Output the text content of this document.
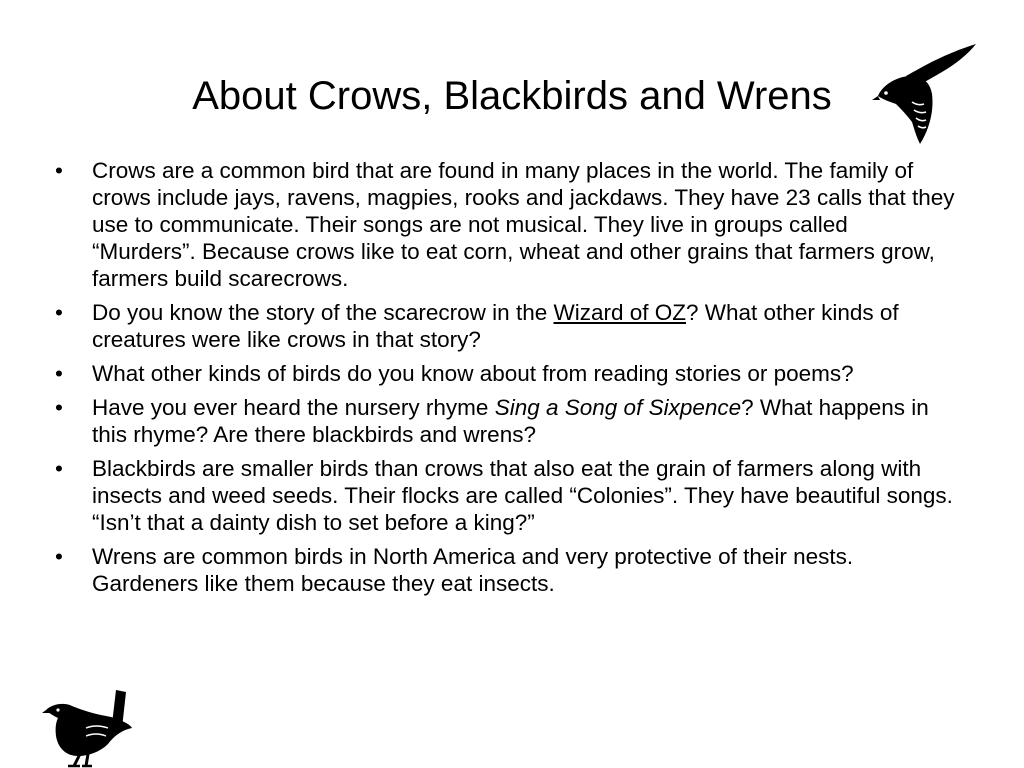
About Crows, Blackbirds and Wrens
•	Crows are a common bird that are found in many places in the world. The family of crows include jays, ravens, magpies, rooks and jackdaws. They have 23 calls that they use to communicate. Their songs are not musical. They live in groups called “Murders”. Because crows like to eat corn, wheat and other grains that farmers grow, farmers build scarecrows.
•	Do you know the story of the scarecrow in the Wizard of OZ? What other kinds of creatures were like crows in that story?
•	What other kinds of birds do you know about from reading stories or poems?
•	Have you ever heard the nursery rhyme Sing a Song of Sixpence? What happens in this rhyme? Are there blackbirds and wrens?
•	Blackbirds are smaller birds than crows that also eat the grain of farmers along with insects and weed seeds. Their flocks are called “Colonies”. They have beautiful songs. “Isn’t that a dainty dish to set before a king?”
•	Wrens are common birds in North America and very protective of their nests. Gardeners like them because they eat insects.
